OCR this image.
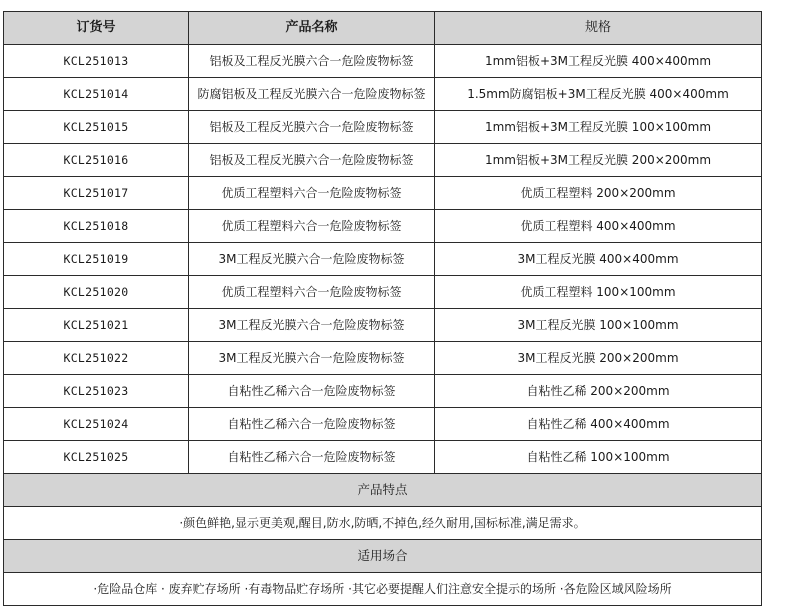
订货号	产品名称	规格
KCL251013	铝板及工程反光膜六合一危险废物标签	1mm铝板+3M工程反光膜 400×400mm
KCL251014	防腐铝板及工程反光膜六合一危险废物标签	1.5mm防腐铝板+3M工程反光膜 400×400mm
KCL251015	铝板及工程反光膜六合一危险废物标签	1mm铝板+3M工程反光膜 100×100mm
KCL251016	铝板及工程反光膜六合一危险废物标签	1mm铝板+3M工程反光膜 200×200mm
KCL251017	优质工程塑料六合一危险废物标签	优质工程塑料 200×200mm
KCL251018	优质工程塑料六合一危险废物标签	优质工程塑料 400×400mm
KCL251019	3M工程反光膜六合一危险废物标签	3M工程反光膜 400×400mm
KCL251020	优质工程塑料六合一危险废物标签	优质工程塑料 100×100mm
KCL251021	3M工程反光膜六合一危险废物标签	3M工程反光膜 100×100mm
KCL251022	3M工程反光膜六合一危险废物标签	3M工程反光膜 200×200mm
KCL251023	自粘性乙稀六合一危险废物标签	自粘性乙稀 200×200mm
KCL251024	自粘性乙稀六合一危险废物标签	自粘性乙稀 400×400mm
KCL251025	自粘性乙稀六合一危险废物标签	自粘性乙稀 100×100mm
产品特点		
·颜色鲜艳,显示更美观,醒目,防水,防晒,不掉色,经久耐用,国标标准,满足需求。		
适用场合		
·危险品仓库 · 废弃贮存场所 ·有毒物品贮存场所 ·其它必要提醒人们注意安全提示的场所 ·各危险区域风险场所		
